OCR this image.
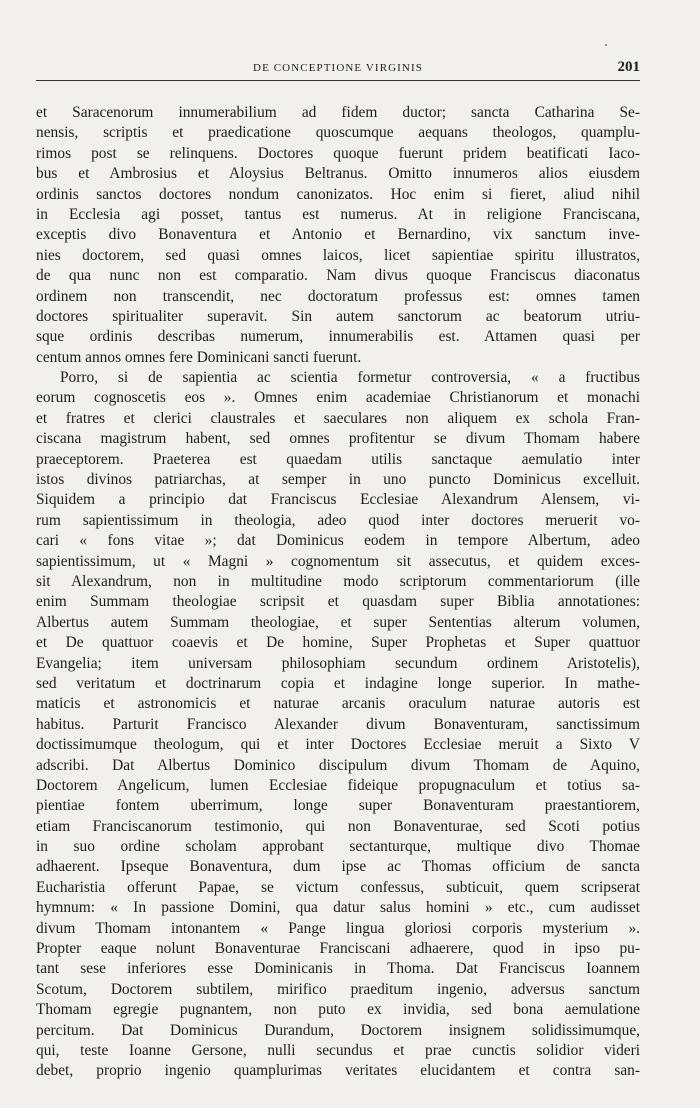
DE CONCEPTIONE VIRGINIS	201
et Saracenorum innumerabilium ad fidem ductor; sancta Catharina Se-
nensis, scriptis et praedicatione quoscumque aequans theologos, quamplu-
rimos post se relinquens. Doctores quoque fuerunt pridem beatificati Iaco-
bus et Ambrosius et Aloysius Beltranus. Omitto innumeros alios eiusdem
ordinis sanctos doctores nondum canonizatos. Hoc enim si fieret, aliud nihil
in Ecclesia agi posset, tantus est numerus. At in religione Franciscana,
exceptis divo Bonaventura et Antonio et Bernardino, vix sanctum inve-
nies doctorem, sed quasi omnes laicos, licet sapientiae spiritu illustratos,
de qua nunc non est comparatio. Nam divus quoque Franciscus diaconatus
ordinem non transcendit, nec doctoratum professus est: omnes tamen
doctores spiritualiter superavit. Sin autem sanctorum ac beatorum utriu-
sque ordinis describas numerum, innumerabilis est. Attamen quasi per
centum annos omnes fere Dominicani sancti fuerunt.
Porro, si de sapientia ac scientia formetur controversia, « a fructibus
eorum cognoscetis eos ». Omnes enim academiae Christianorum et monachi
et fratres et clerici claustrales et saeculares non aliquem ex schola Fran-
ciscana magistrum habent, sed omnes profitentur se divum Thomam habere
praeceptorem. Praeterea est quaedam utilis sanctaque aemulatio inter
istos divinos patriarchas, at semper in uno puncto Dominicus excelluit.
Siquidem a principio dat Franciscus Ecclesiae Alexandrum Alensem, vi-
rum sapientissimum in theologia, adeo quod inter doctores meruerit vo-
cari « fons vitae »; dat Dominicus eodem in tempore Albertum, adeo
sapientissimum, ut « Magni » cognomentum sit assecutus, et quidem exces-
sit Alexandrum, non in multitudine modo scriptorum commentariorum (ille
enim Summam theologiae scripsit et quasdam super Biblia annotationes:
Albertus autem Summam theologiae, et super Sententias alterum volumen,
et De quattuor coaevis et De homine, Super Prophetas et Super quattuor
Evangelia; item universam philosophiam secundum ordinem Aristotelis),
sed veritatum et doctrinarum copia et indagine longe superior. In mathe-
maticis et astronomicis et naturae arcanis oraculum naturae autoris est
habitus. Parturit Francisco Alexander divum Bonaventuram, sanctissimum
doctissimumque theologum, qui et inter Doctores Ecclesiae meruit a Sixto V
adscribi. Dat Albertus Dominico discipulum divum Thomam de Aquino,
Doctorem Angelicum, lumen Ecclesiae fideique propugnaculum et totius sa-
pientiae fontem uberrimum, longe super Bonaventuram praestantiorem,
etiam Franciscanorum testimonio, qui non Bonaventurae, sed Scoti potius
in suo ordine scholam approbant sectanturque, multique divo Thomae
adhaerent. Ipseque Bonaventura, dum ipse ac Thomas officium de sancta
Eucharistia offerunt Papae, se victum confessus, subticuit, quem scripserat
hymnum: « In passione Domini, qua datur salus homini » etc., cum audisset
divum Thomam intonantem « Pange lingua gloriosi corporis mysterium ».
Propter eaque nolunt Bonaventurae Franciscani adhaerere, quod in ipso pu-
tant sese inferiores esse Dominicanis in Thoma. Dat Franciscus Ioannem
Scotum, Doctorem subtilem, mirifico praeditum ingenio, adversus sanctum
Thomam egregie pugnantem, non puto ex invidia, sed bona aemulatione
percitum. Dat Dominicus Durandum, Doctorem insignem solidissimumque,
qui, teste Ioanne Gersone, nulli secundus et prae cunctis solidior videri
debet, proprio ingenio quamplurimas veritates elucidantem et contra san-
